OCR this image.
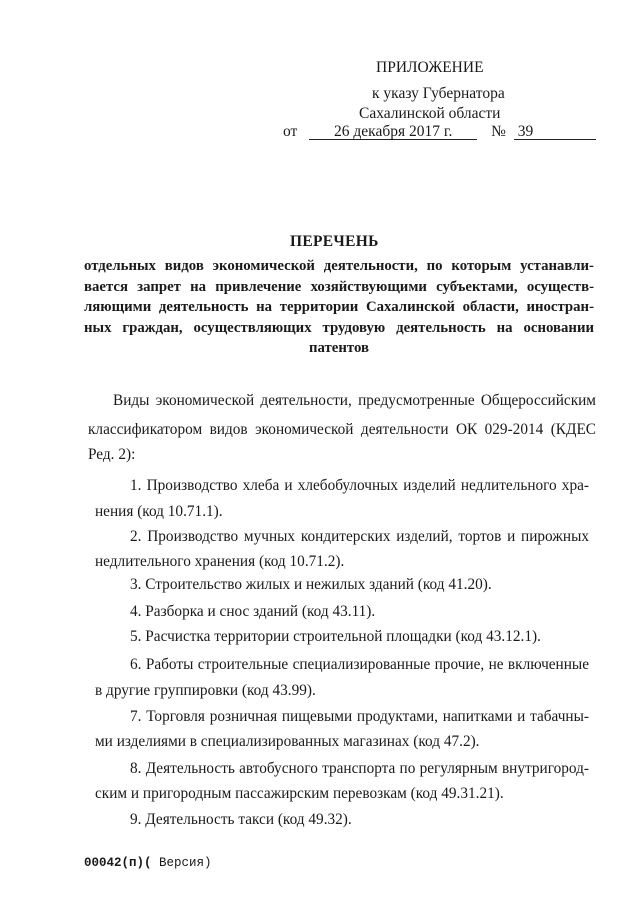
ПРИЛОЖЕНИЕ
к указу Губернатора
Сахалинской области
от 26 декабря 2017 г. № 39
ПЕРЕЧЕНЬ
отдельных видов экономической деятельности, по которым устанавли-
вается запрет на привлечение хозяйствующими субъектами, осуществ-
ляющими деятельность на территории Сахалинской области, иностран-
ных граждан, осуществляющих трудовую деятельность на основании
патентов
Виды экономической деятельности, предусмотренные Общероссийским
классификатором видов экономической деятельности ОК 029-2014 (КДЕС
Ред. 2):
1. Производство хлеба и хлебобулочных изделий недлительного хра-
нения (код 10.71.1).
2. Производство мучных кондитерских изделий, тортов и пирожных
недлительного хранения (код 10.71.2).
3. Строительство жилых и нежилых зданий (код 41.20).
4. Разборка и снос зданий (код 43.11).
5. Расчистка территории строительной площадки (код 43.12.1).
6. Работы строительные специализированные прочие, не включенные
в другие группировки (код 43.99).
7. Торговля розничная пищевыми продуктами, напитками и табачны-
ми изделиями в специализированных магазинах (код 47.2).
8. Деятельность автобусного транспорта по регулярным внутригород-
ским и пригородным пассажирским перевозкам (код 49.31.21).
9. Деятельность такси (код 49.32).
00042(п)( Версия)
